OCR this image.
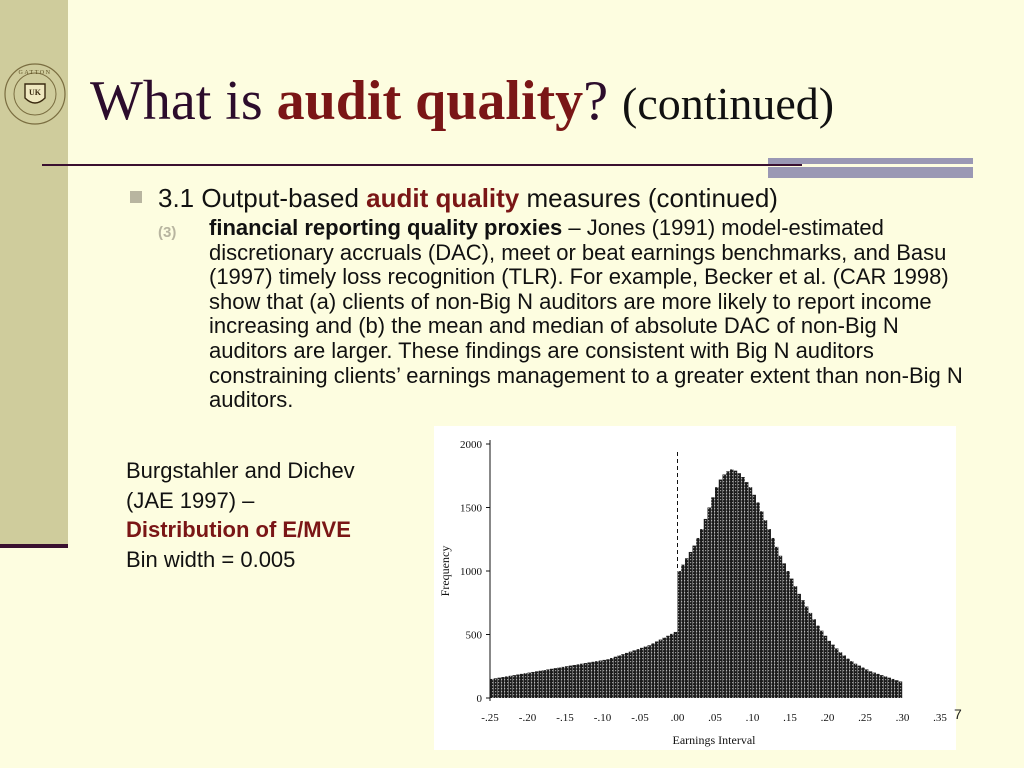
UK
GATTON What is audit quality? (continued)
3.1 Output-based audit quality measures (continued)
(3) financial reporting quality proxies – Jones (1991) model-estimated discretionary accruals (DAC), meet or beat earnings benchmarks, and Basu (1997) timely loss recognition (TLR). For example, Becker et al. (CAR 1998) show that (a) clients of non-Big N auditors are more likely to report income increasing and (b) the mean and median of absolute DAC of non-Big N auditors are larger. These findings are consistent with Big N auditors constraining clients’ earnings management to a greater extent than non-Big N auditors.

Burgstahler and Dichev
(JAE 1997) –
Distribution of E/MVE
Bin width = 0.005

0
500
1000
1500
2000
-.25 -.20 -.15 -.10 -.05 .00 .05 .10 .15 .20 .25 .30 .35
Earnings Interval
Frequency
7
